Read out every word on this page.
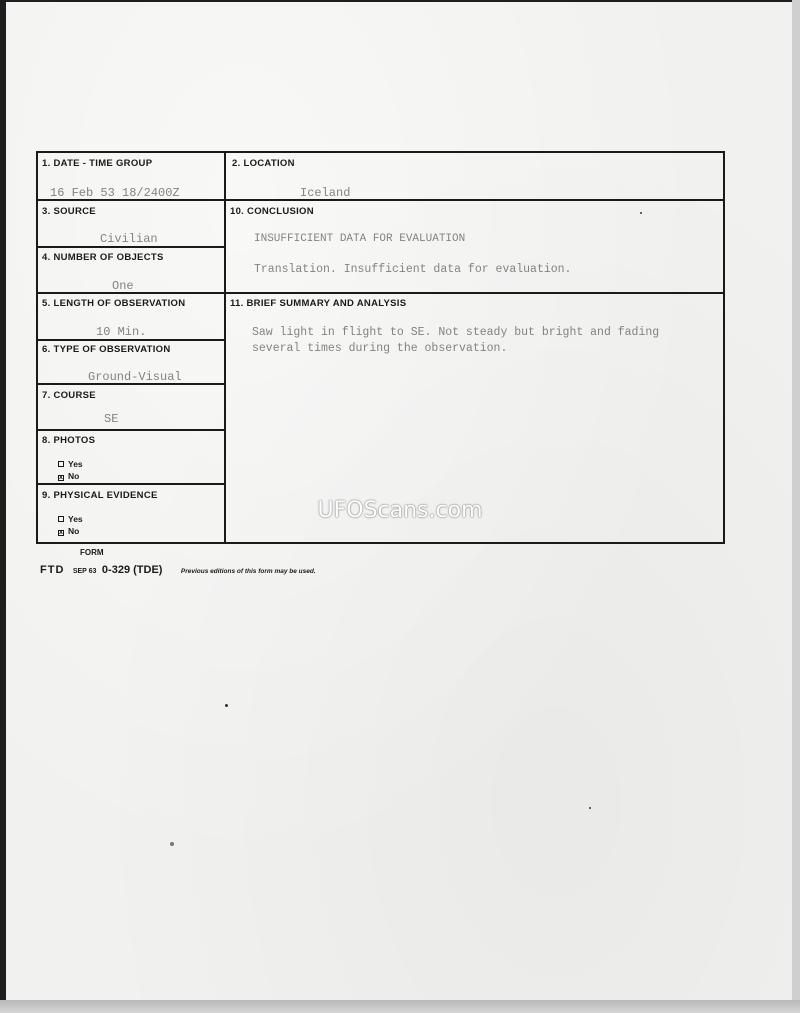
1. DATE - TIME GROUP
16 Feb 53 18/2400Z
2. LOCATION
Iceland
3. SOURCE
Civilian
4. NUMBER OF OBJECTS
One
5. LENGTH OF OBSERVATION
10 Min.
6. TYPE OF OBSERVATION
Ground-Visual
7. COURSE
SE
8. PHOTOS
Yes
x No
9. PHYSICAL EVIDENCE
Yes
x No
10. CONCLUSION
INSUFFICIENT DATA FOR EVALUATION
Translation. Insufficient data for evaluation.
11. BRIEF SUMMARY AND ANALYSIS
Saw light in flight to SE. Not steady but bright and fading
several times during the observation.
FORM
FTD SEP 63 0-329 (TDE)	Previous editions of this form may be used.
UFOScans.com
